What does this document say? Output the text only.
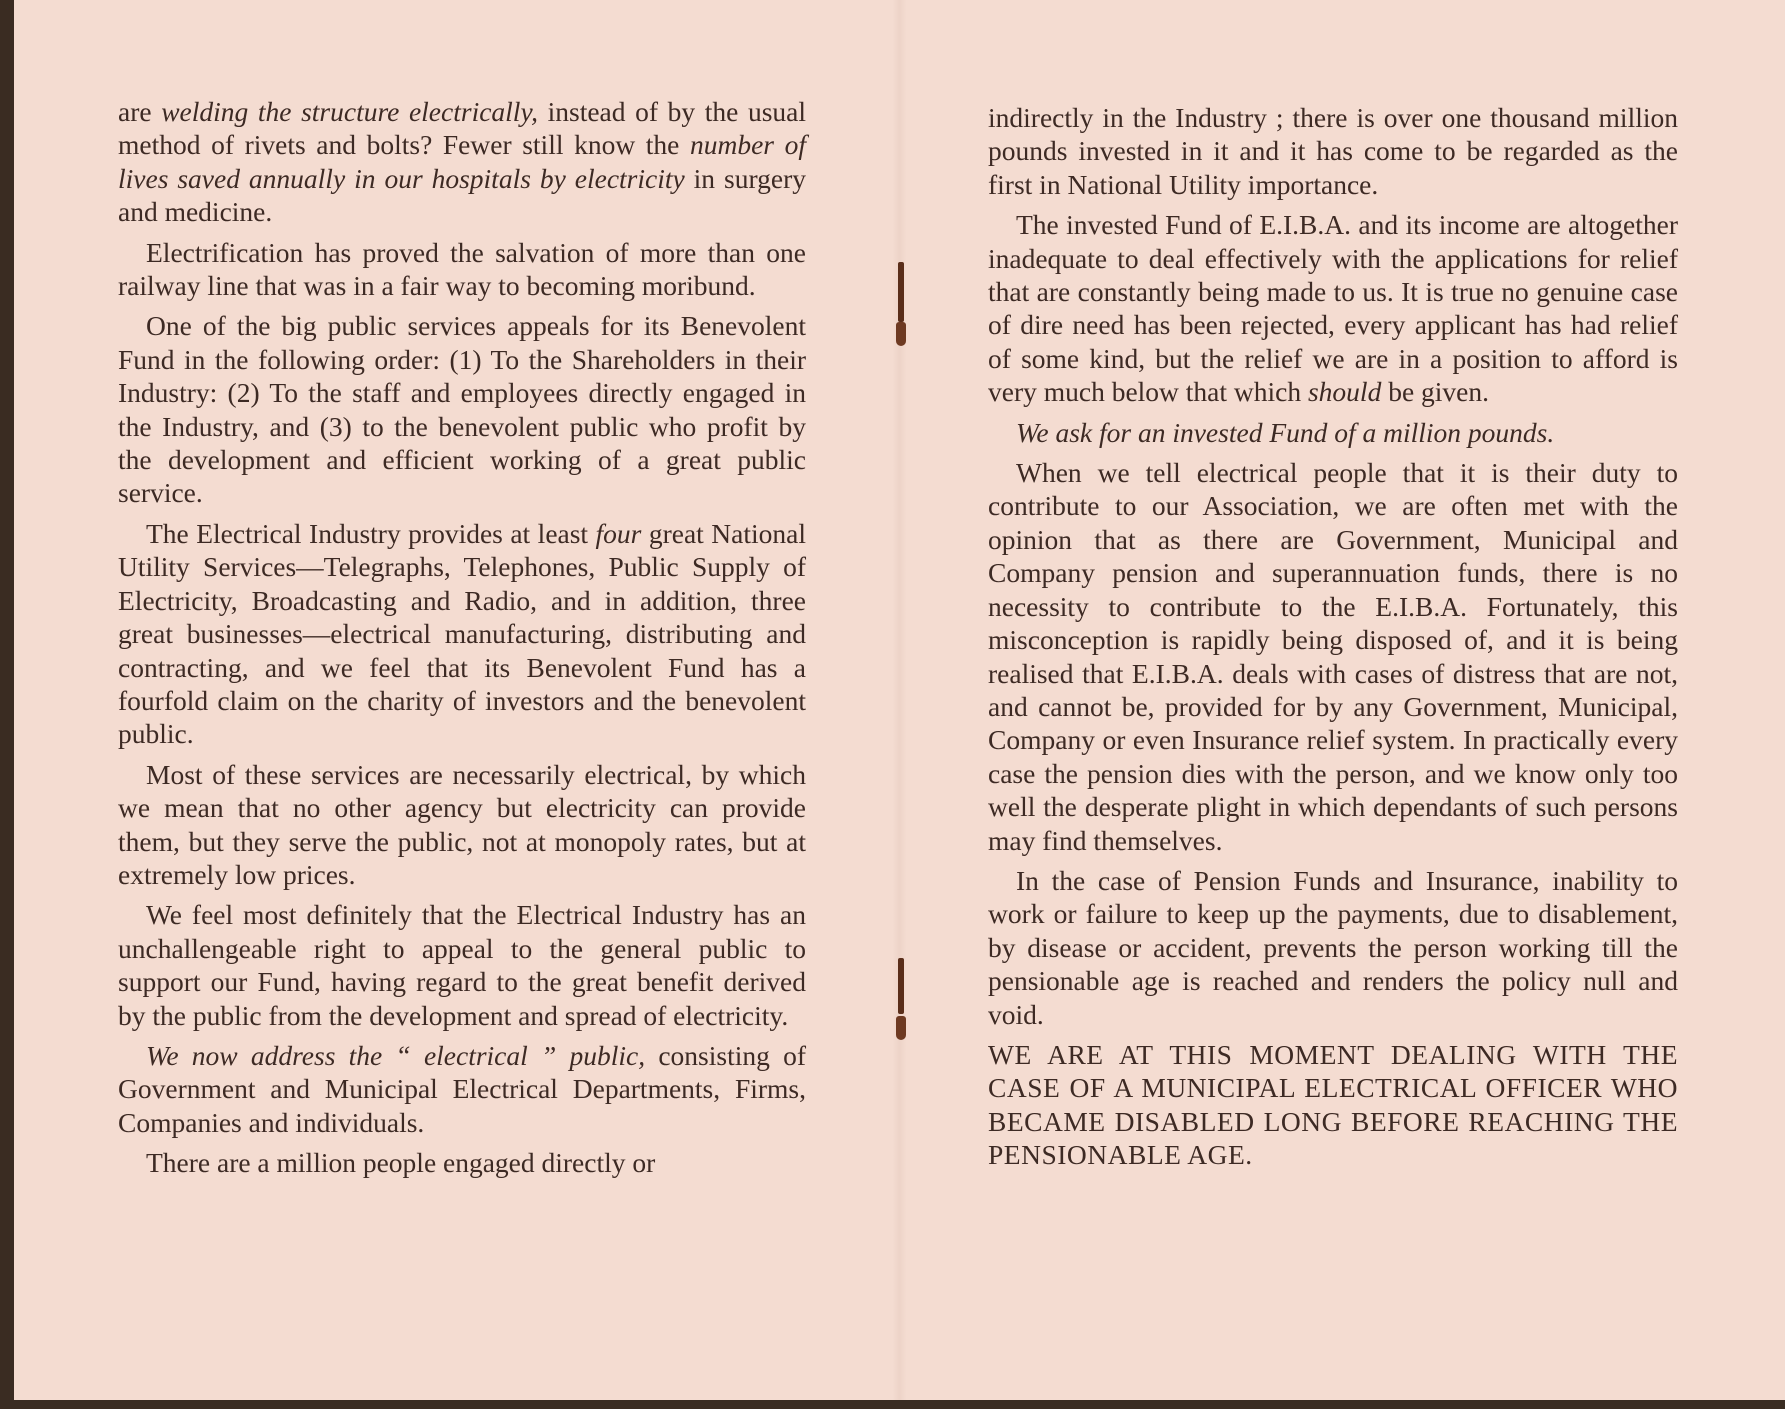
are welding the structure electrically, instead of by the usual method of rivets and bolts? Fewer still know the number of lives saved annually in our hospitals by electricity in surgery and medicine.

Electrification has proved the salvation of more than one railway line that was in a fair way to becoming moribund.

One of the big public services appeals for its Benevolent Fund in the following order: (1) To the Shareholders in their Industry: (2) To the staff and employees directly engaged in the Industry, and (3) to the benevolent public who profit by the development and efficient working of a great public service.

The Electrical Industry provides at least four great National Utility Services—Telegraphs, Telephones, Public Supply of Electricity, Broadcasting and Radio, and in addition, three great businesses—electrical manufacturing, distributing and contracting, and we feel that its Benevolent Fund has a fourfold claim on the charity of investors and the benevolent public.

Most of these services are necessarily electrical, by which we mean that no other agency but electricity can provide them, but they serve the public, not at monopoly rates, but at extremely low prices.

We feel most definitely that the Electrical Industry has an unchallengeable right to appeal to the general public to support our Fund, having regard to the great benefit derived by the public from the development and spread of electricity.

We now address the “ electrical ” public, consisting of Government and Municipal Electrical Departments, Firms, Companies and individuals.

There are a million people engaged directly or

indirectly in the Industry ; there is over one thousand million pounds invested in it and it has come to be regarded as the first in National Utility importance.

The invested Fund of E.I.B.A. and its income are altogether inadequate to deal effectively with the applications for relief that are constantly being made to us. It is true no genuine case of dire need has been rejected, every applicant has had relief of some kind, but the relief we are in a position to afford is very much below that which should be given.

We ask for an invested Fund of a million pounds.

When we tell electrical people that it is their duty to contribute to our Association, we are often met with the opinion that as there are Government, Municipal and Company pension and superannuation funds, there is no necessity to contribute to the E.I.B.A. Fortunately, this misconception is rapidly being disposed of, and it is being realised that E.I.B.A. deals with cases of distress that are not, and cannot be, provided for by any Government, Municipal, Company or even Insurance relief system. In practically every case the pension dies with the person, and we know only too well the desperate plight in which dependants of such persons may find themselves.

In the case of Pension Funds and Insurance, inability to work or failure to keep up the payments, due to disablement, by disease or accident, prevents the person working till the pensionable age is reached and renders the policy null and void.

WE ARE AT THIS MOMENT DEALING WITH THE CASE OF A MUNICIPAL ELECTRICAL OFFICER WHO BECAME DISABLED LONG BEFORE REACHING THE PENSIONABLE AGE.
